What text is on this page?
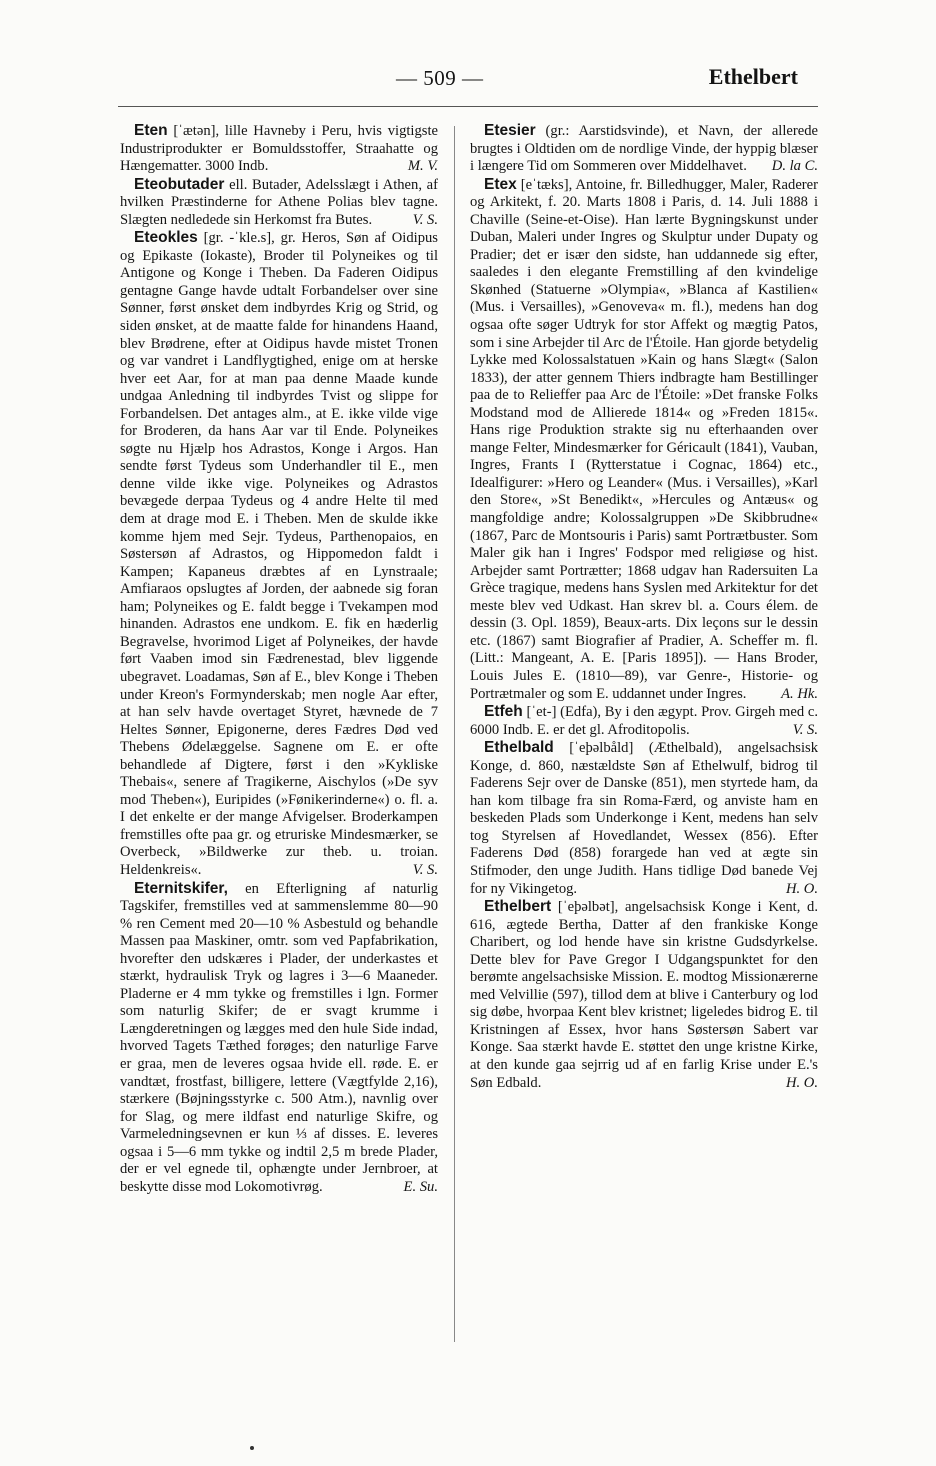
— 509 —	Ethelbert

Eten [ˈætən], lille Havneby i Peru, hvis vigtigste Industriprodukter er Bomuldsstoffer, Straahatte og Hængematter. 3000 Indb.	M. V.

Eteobutader ell. Butader, Adelsslægt i Athen, af hvilken Præstinderne for Athene Polias blev tagne. Slægten nedledede sin Herkomst fra Butes.	V. S.

Eteokles [gr. -ˈkle.s], gr. Heros, Søn af Oidipus og Epikaste (Iokaste), Broder til Polyneikes og til Antigone og Konge i Theben. Da Faderen Oidipus gentagne Gange havde udtalt Forbandelser over sine Sønner, først ønsket dem indbyrdes Krig og Strid, og siden ønsket, at de maatte falde for hinandens Haand, blev Brødrene, efter at Oidipus havde mistet Tronen og var vandret i Landflygtighed, enige om at herske hver eet Aar, for at man paa denne Maade kunde undgaa Anledning til indbyrdes Tvist og slippe for Forbandelsen. Det antages alm., at E. ikke vilde vige for Broderen, da hans Aar var til Ende. Polyneikes søgte nu Hjælp hos Adrastos, Konge i Argos. Han sendte først Tydeus som Underhandler til E., men denne vilde ikke vige. Polyneikes og Adrastos bevægede derpaa Tydeus og 4 andre Helte til med dem at drage mod E. i Theben. Men de skulde ikke komme hjem med Sejr. Tydeus, Parthenopaios, en Søstersøn af Adrastos, og Hippomedon faldt i Kampen; Kapaneus dræbtes af en Lynstraale; Amfiaraos opslugtes af Jorden, der aabnede sig foran ham; Polyneikes og E. faldt begge i Tvekampen mod hinanden. Adrastos ene undkom. E. fik en hæderlig Begravelse, hvorimod Liget af Polyneikes, der havde ført Vaaben imod sin Fædrenestad, blev liggende ubegravet. Loadamas, Søn af E., blev Konge i Theben under Kreon's Formynderskab; men nogle Aar efter, at han selv havde overtaget Styret, hævnede de 7 Heltes Sønner, Epigonerne, deres Fædres Død ved Thebens Ødelæggelse. Sagnene om E. er ofte behandlede af Digtere, først i den »Kykliske Thebais«, senere af Tragikerne, Aischylos (»De syv mod Theben«), Euripides (»Fønikerinderne«) o. fl. a. I det enkelte er der mange Afvigelser. Broderkampen fremstilles ofte paa gr. og etruriske Mindesmærker, se Overbeck, »Bildwerke zur theb. u. troian. Heldenkreis«.	V. S.

Eternitskifer, en Efterligning af naturlig Tagskifer, fremstilles ved at sammenslemme 80—90 % ren Cement med 20—10 % Asbestuld og behandle Massen paa Maskiner, omtr. som ved Papfabrikation, hvorefter den udskæres i Plader, der underkastes et stærkt, hydraulisk Tryk og lagres i 3—6 Maaneder. Pladerne er 4 mm tykke og fremstilles i lgn. Former som naturlig Skifer; de er svagt krumme i Længderetningen og lægges med den hule Side indad, hvorved Tagets Tæthed forøges; den naturlige Farve er graa, men de leveres ogsaa hvide ell. røde. E. er vandtæt, frostfast, billigere, lettere (Vægtfylde 2,16), stærkere (Bøjningsstyrke c. 500 Atm.), navnlig over for Slag, og mere ildfast end naturlige Skifre, og Varmeledningsevnen er kun ⅓ af disses. E. leveres ogsaa i 5—6 mm tykke og indtil 2,5 m brede Plader, der er vel egnede til, ophængte under Jernbroer, at beskytte disse mod Lokomotivrøg.	E. Su.

Etesier (gr.: Aarstidsvinde), et Navn, der allerede brugtes i Oldtiden om de nordlige Vinde, der hyppig blæser i længere Tid om Sommeren over Middelhavet.	D. la C.

Etex [eˈtæks], Antoine, fr. Billedhugger, Maler, Raderer og Arkitekt, f. 20. Marts 1808 i Paris, d. 14. Juli 1888 i Chaville (Seine-et-Oise). Han lærte Bygningskunst under Duban, Maleri under Ingres og Skulptur under Dupaty og Pradier; det er især den sidste, han uddannede sig efter, saaledes i den elegante Fremstilling af den kvindelige Skønhed (Statuerne »Olympia«, »Blanca af Kastilien« (Mus. i Versailles), »Genoveva« m. fl.), medens han dog ogsaa ofte søger Udtryk for stor Affekt og mægtig Patos, som i sine Arbejder til Arc de l'Étoile. Han gjorde betydelig Lykke med Kolossalstatuen »Kain og hans Slægt« (Salon 1833), der atter gennem Thiers indbragte ham Bestillinger paa de to Relieffer paa Arc de l'Étoile: »Det franske Folks Modstand mod de Allierede 1814« og »Freden 1815«. Hans rige Produktion strakte sig nu efterhaanden over mange Felter, Mindesmærker for Géricault (1841), Vauban, Ingres, Frants I (Rytterstatue i Cognac, 1864) etc., Idealfigurer: »Hero og Leander« (Mus. i Versailles), »Karl den Store«, »St Benedikt«, »Hercules og Antæus« og mangfoldige andre; Kolossalgruppen »De Skibbrudne« (1867, Parc de Montsouris i Paris) samt Portrætbuster. Som Maler gik han i Ingres' Fodspor med religiøse og hist. Arbejder samt Portrætter; 1868 udgav han Radersuiten La Grèce tragique, medens hans Syslen med Arkitektur for det meste blev ved Udkast. Han skrev bl. a. Cours élem. de dessin (3. Opl. 1859), Beaux-arts. Dix leçons sur le dessin etc. (1867) samt Biografier af Pradier, A. Scheffer m. fl. (Litt.: Mangeant, A. E. [Paris 1895]). — Hans Broder, Louis Jules E. (1810—89), var Genre-, Historie- og Portrætmaler og som E. uddannet under Ingres.	A. Hk.

Etfeh [ˈet-] (Edfa), By i den ægypt. Prov. Girgeh med c. 6000 Indb. E. er det gl. Afroditopolis.	V. S.

Ethelbald [ˈeþəlbåld] (Æthelbald), angelsachsisk Konge, d. 860, næstældste Søn af Ethelwulf, bidrog til Faderens Sejr over de Danske (851), men styrtede ham, da han kom tilbage fra sin Roma-Færd, og anviste ham en beskeden Plads som Underkonge i Kent, medens han selv tog Styrelsen af Hovedlandet, Wessex (856). Efter Faderens Død (858) forargede han ved at ægte sin Stifmoder, den unge Judith. Hans tidlige Død banede Vej for ny Vikingetog.	H. O.

Ethelbert [ˈeþəlbət], angelsachsisk Konge i Kent, d. 616, ægtede Bertha, Datter af den frankiske Konge Charibert, og lod hende have sin kristne Gudsdyrkelse. Dette blev for Pave Gregor I Udgangspunktet for den berømte angelsachsiske Mission. E. modtog Missionærerne med Velvillie (597), tillod dem at blive i Canterbury og lod sig døbe, hvorpaa Kent blev kristnet; ligeledes bidrog E. til Kristningen af Essex, hvor hans Søstersøn Sabert var Konge. Saa stærkt havde E. støttet den unge kristne Kirke, at den kunde gaa sejrrig ud af en farlig Krise under E.'s Søn Edbald.	H. O.
